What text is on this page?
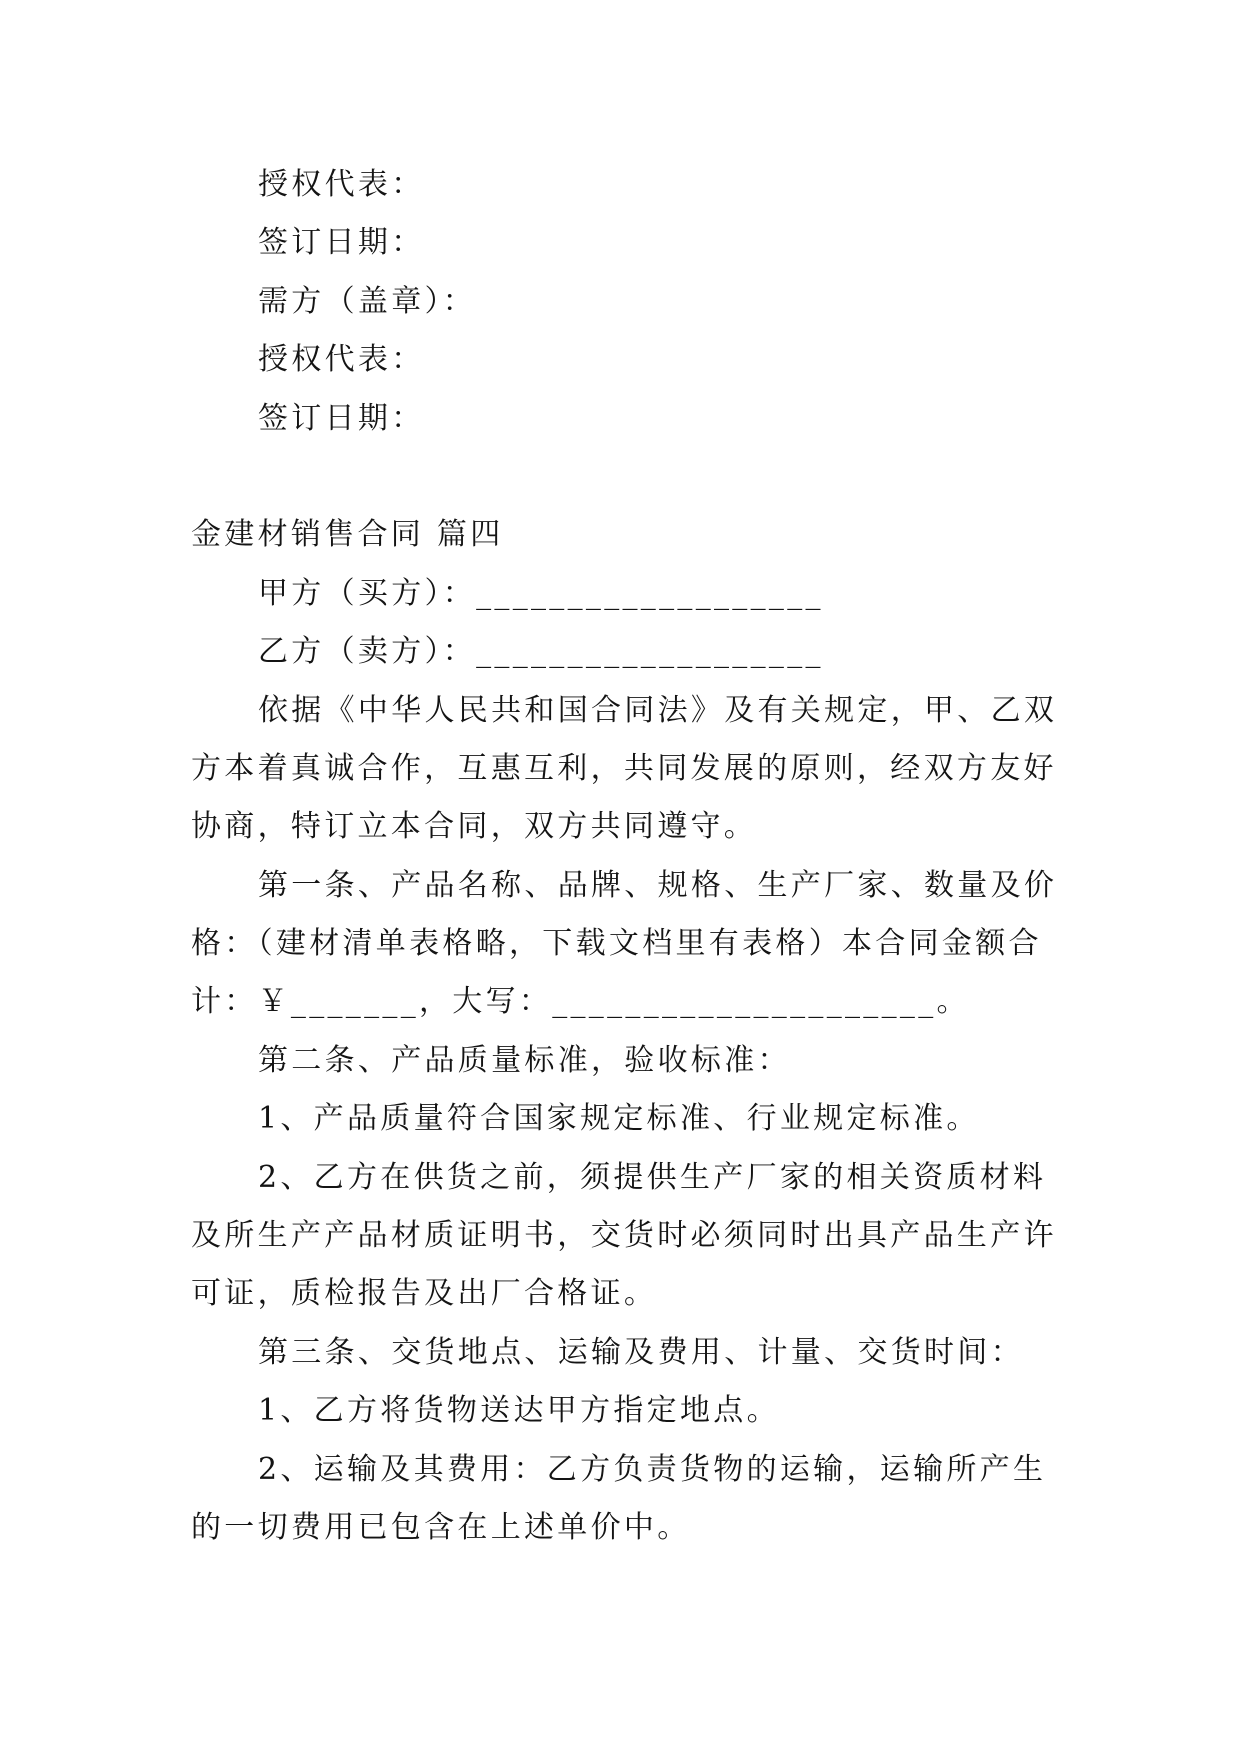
授权代表：
签订日期：
需方（盖章）：
授权代表：
签订日期：
金建材销售合同 篇四
甲方（买方）：___________________
乙方（卖方）：___________________
依据《中华人民共和国合同法》及有关规定，甲、乙双
方本着真诚合作，互惠互利，共同发展的原则，经双方友好
协商，特订立本合同，双方共同遵守。
第一条、产品名称、品牌、规格、生产厂家、数量及价
格：（建材清单表格略，下载文档里有表格）本合同金额合
计：￥_______，大写：_____________________。
第二条、产品质量标准，验收标准：
1、产品质量符合国家规定标准、行业规定标准。
2、乙方在供货之前，须提供生产厂家的相关资质材料
及所生产产品材质证明书，交货时必须同时出具产品生产许
可证，质检报告及出厂合格证。
第三条、交货地点、运输及费用、计量、交货时间：
1、乙方将货物送达甲方指定地点。
2、运输及其费用：乙方负责货物的运输，运输所产生
的一切费用已包含在上述单价中。
